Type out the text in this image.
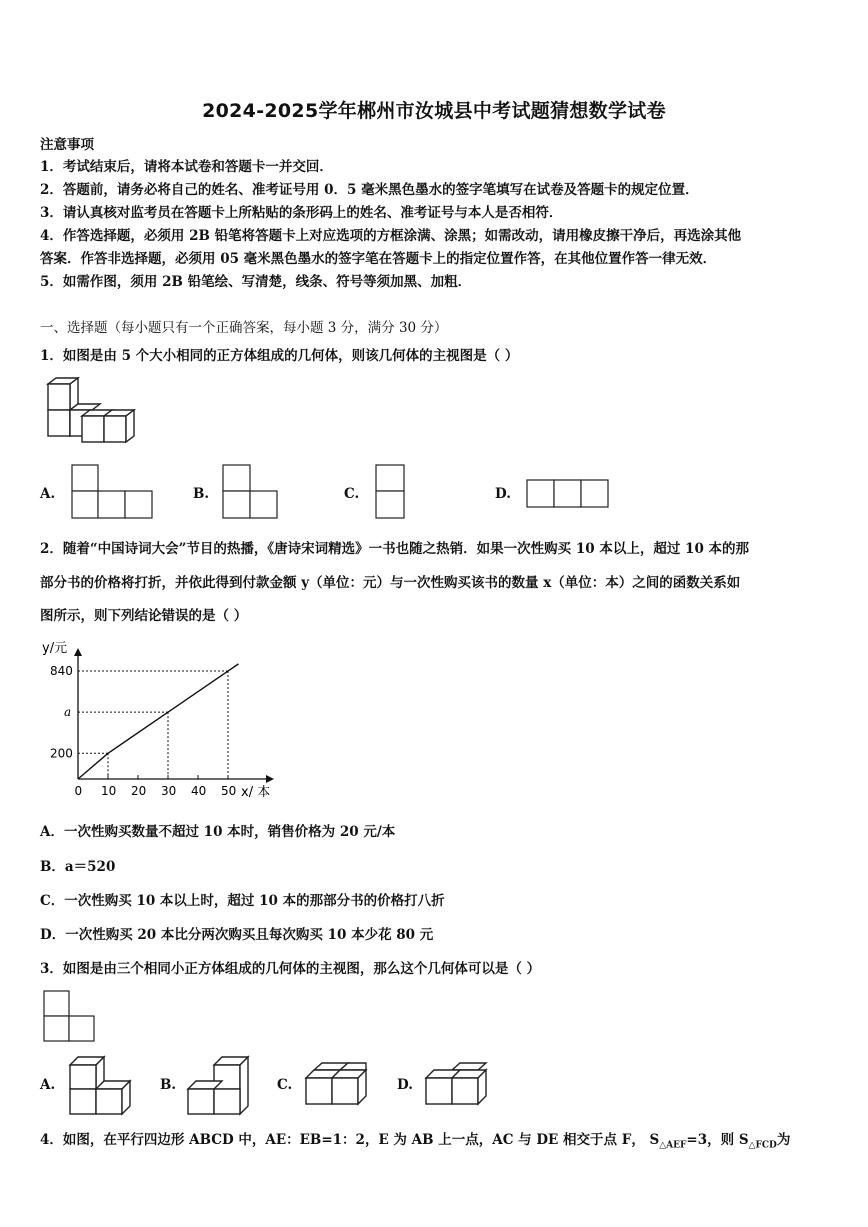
2024-2025学年郴州市汝城县中考试题猜想数学试卷
注意事项
1．考试结束后，请将本试卷和答题卡一并交回．
2．答题前，请务必将自己的姓名、准考证号用 0．5 毫米黑色墨水的签字笔填写在试卷及答题卡的规定位置．
3．请认真核对监考员在答题卡上所粘贴的条形码上的姓名、准考证号与本人是否相符．
4．作答选择题，必须用 2B 铅笔将答题卡上对应选项的方框涂满、涂黑；如需改动，请用橡皮擦干净后，再选涂其他
答案．作答非选择题，必须用 05 毫米黑色墨水的签字笔在答题卡上的指定位置作答，在其他位置作答一律无效．
5．如需作图，须用 2B 铅笔绘、写清楚，线条、符号等须加黑、加粗．
一、选择题（每小题只有一个正确答案，每小题 3 分，满分 30 分）
1．如图是由 5 个大小相同的正方体组成的几何体，则该几何体的主视图是（ ）
A.	B.	C.	D.
2．随着“中国诗词大会”节目的热播，《唐诗宋词精选》一书也随之热销．如果一次性购买 10 本以上，超过 10 本的那
部分书的价格将打折，并依此得到付款金额 y（单位：元）与一次性购买该书的数量 x（单位：本）之间的函数关系如
图所示，则下列结论错误的是（ ）
y/元
x/ 本
0 10 20 30 40 50
200
a
840
A．一次性购买数量不超过 10 本时，销售价格为 20 元/本
B．a＝520
C．一次性购买 10 本以上时，超过 10 本的那部分书的价格打八折
D．一次性购买 20 本比分两次购买且每次购买 10 本少花 80 元
3．如图是由三个相同小正方体组成的几何体的主视图，那么这个几何体可以是（ ）
A.	B.	C.	D.
4．如图，在平行四边形 ABCD 中，AE：EB=1：2，E 为 AB 上一点，AC 与 DE 相交于点 F， $S_{\triangle AEF}=3$，则 $S_{\triangle FCD}$为
